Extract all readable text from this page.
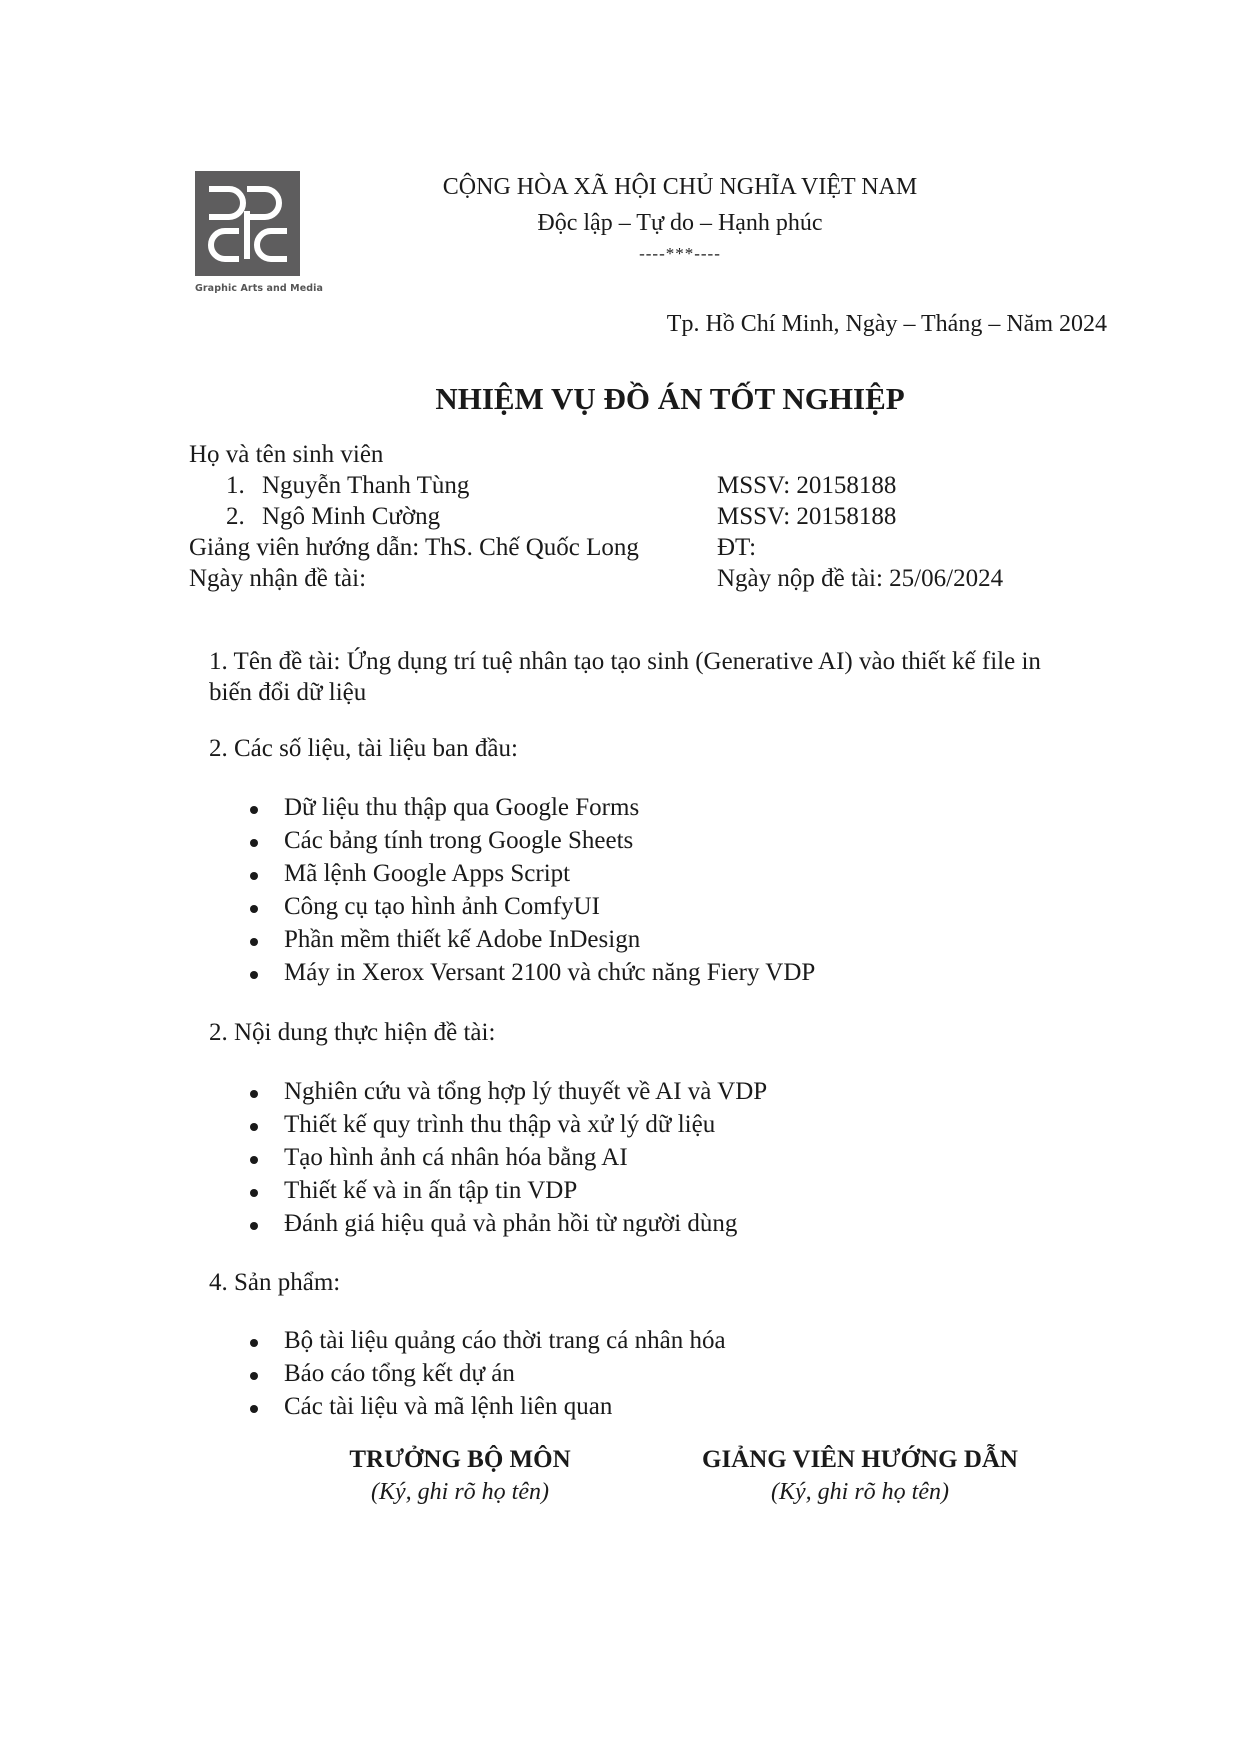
Graphic Arts and Media
CỘNG HÒA XÃ HỘI CHỦ NGHĨA VIỆT NAM
Độc lập – Tự do – Hạnh phúc
----***----
Tp. Hồ Chí Minh, Ngày – Tháng – Năm 2024
NHIỆM VỤ ĐỒ ÁN TỐT NGHIỆP
Họ và tên sinh viên
1. Nguyễn Thanh Tùng	MSSV: 20158188
2. Ngô Minh Cường	MSSV: 20158188
Giảng viên hướng dẫn: ThS. Chế Quốc Long	ĐT:
Ngày nhận đề tài:	Ngày nộp đề tài: 25/06/2024
1. Tên đề tài: Ứng dụng trí tuệ nhân tạo tạo sinh (Generative AI) vào thiết kế file in
biến đổi dữ liệu
2. Các số liệu, tài liệu ban đầu:
Dữ liệu thu thập qua Google Forms
Các bảng tính trong Google Sheets
Mã lệnh Google Apps Script
Công cụ tạo hình ảnh ComfyUI
Phần mềm thiết kế Adobe InDesign
Máy in Xerox Versant 2100 và chức năng Fiery VDP
2. Nội dung thực hiện đề tài:
Nghiên cứu và tổng hợp lý thuyết về AI và VDP
Thiết kế quy trình thu thập và xử lý dữ liệu
Tạo hình ảnh cá nhân hóa bằng AI
Thiết kế và in ấn tập tin VDP
Đánh giá hiệu quả và phản hồi từ người dùng
4. Sản phẩm:
Bộ tài liệu quảng cáo thời trang cá nhân hóa
Báo cáo tổng kết dự án
Các tài liệu và mã lệnh liên quan
TRƯỞNG BỘ MÔN
(Ký, ghi rõ họ tên)
GIẢNG VIÊN HƯỚNG DẪN
(Ký, ghi rõ họ tên)
